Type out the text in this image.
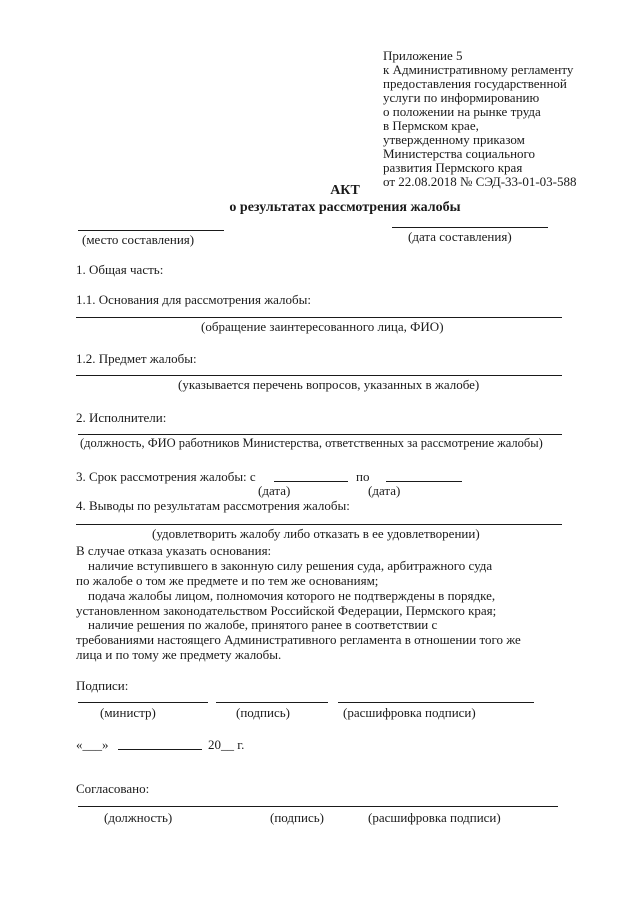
Приложение 5
к Административному регламенту
предоставления государственной
услуги по информированию
о положении на рынке труда
в Пермском крае,
утвержденному приказом
Министерства социального
развития Пермского края
от 22.08.2018 № СЭД-33-01-03-588
АКТ
о результатах рассмотрения жалобы
(место составления)	(дата составления)
1. Общая часть:
1.1. Основания для рассмотрения жалобы:
(обращение заинтересованного лица, ФИО)
1.2. Предмет жалобы:
(указывается перечень вопросов, указанных в жалобе)
2. Исполнители:
(должность, ФИО работников Министерства, ответственных за рассмотрение жалобы)
3. Срок рассмотрения жалобы: с	по
(дата)	(дата)
4. Выводы по результатам рассмотрения жалобы:
(удовлетворить жалобу либо отказать в ее удовлетворении)
В случае отказа указать основания:
наличие вступившего в законную силу решения суда, арбитражного суда
по жалобе о том же предмете и по тем же основаниям;
подача жалобы лицом, полномочия которого не подтверждены в порядке,
установленном законодательством Российской Федерации, Пермского края;
наличие решения по жалобе, принятого ранее в соответствии с
требованиями настоящего Административного регламента в отношении того же
лица и по тому же предмету жалобы.
Подписи:
(министр)	(подпись)	(расшифровка подписи)
«___»	20__ г.
Согласовано:
(должность)	(подпись)	(расшифровка подписи)
